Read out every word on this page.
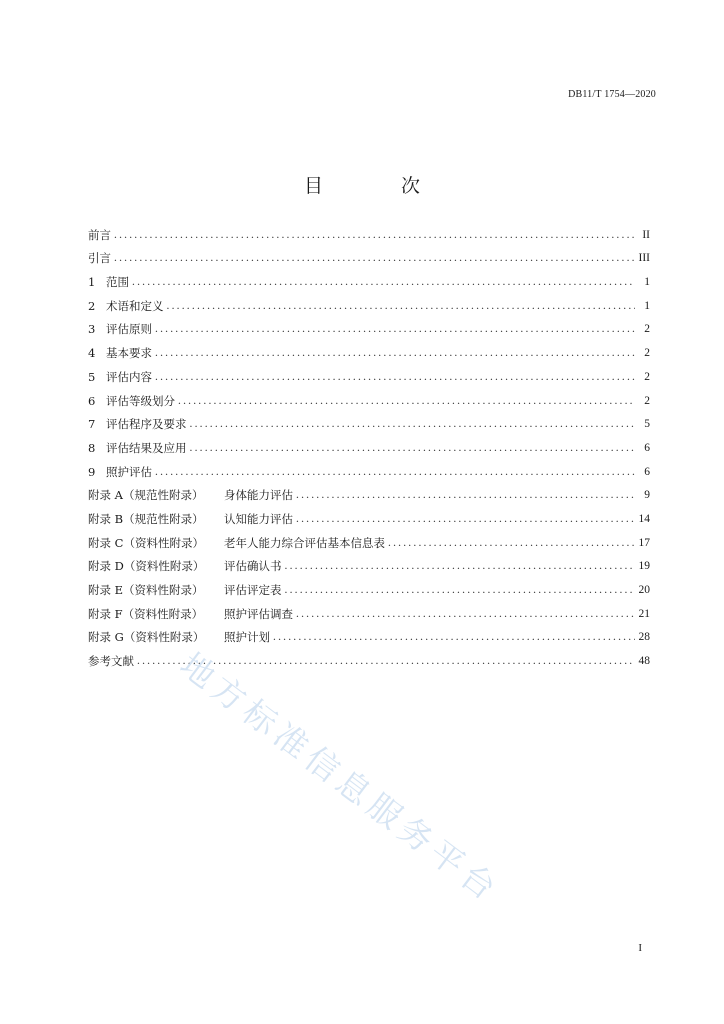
DB11/T 1754—2020
目 次
前言 .....	II
引言 .....	III
1 范围 .....	1
2 术语和定义 .....	1
3 评估原则 .....	2
4 基本要求 .....	2
5 评估内容 .....	2
6 评估等级划分 .....	2
7 评估程序及要求 .....	5
8 评估结果及应用 .....	6
9 照护评估 .....	6
附录 A（规范性附录）	身体能力评估 .....	9
附录 B（规范性附录）	认知能力评估 .....	14
附录 C（资料性附录）	老年人能力综合评估基本信息表 .....	17
附录 D（资料性附录）	评估确认书 .....	19
附录 E（资料性附录）	评估评定表 .....	20
附录 F（资料性附录）	照护评估调查 .....	21
附录 G（资料性附录）	照护计划 .....	28
参考文献 .....	48
地方标准信息服务平台
I
